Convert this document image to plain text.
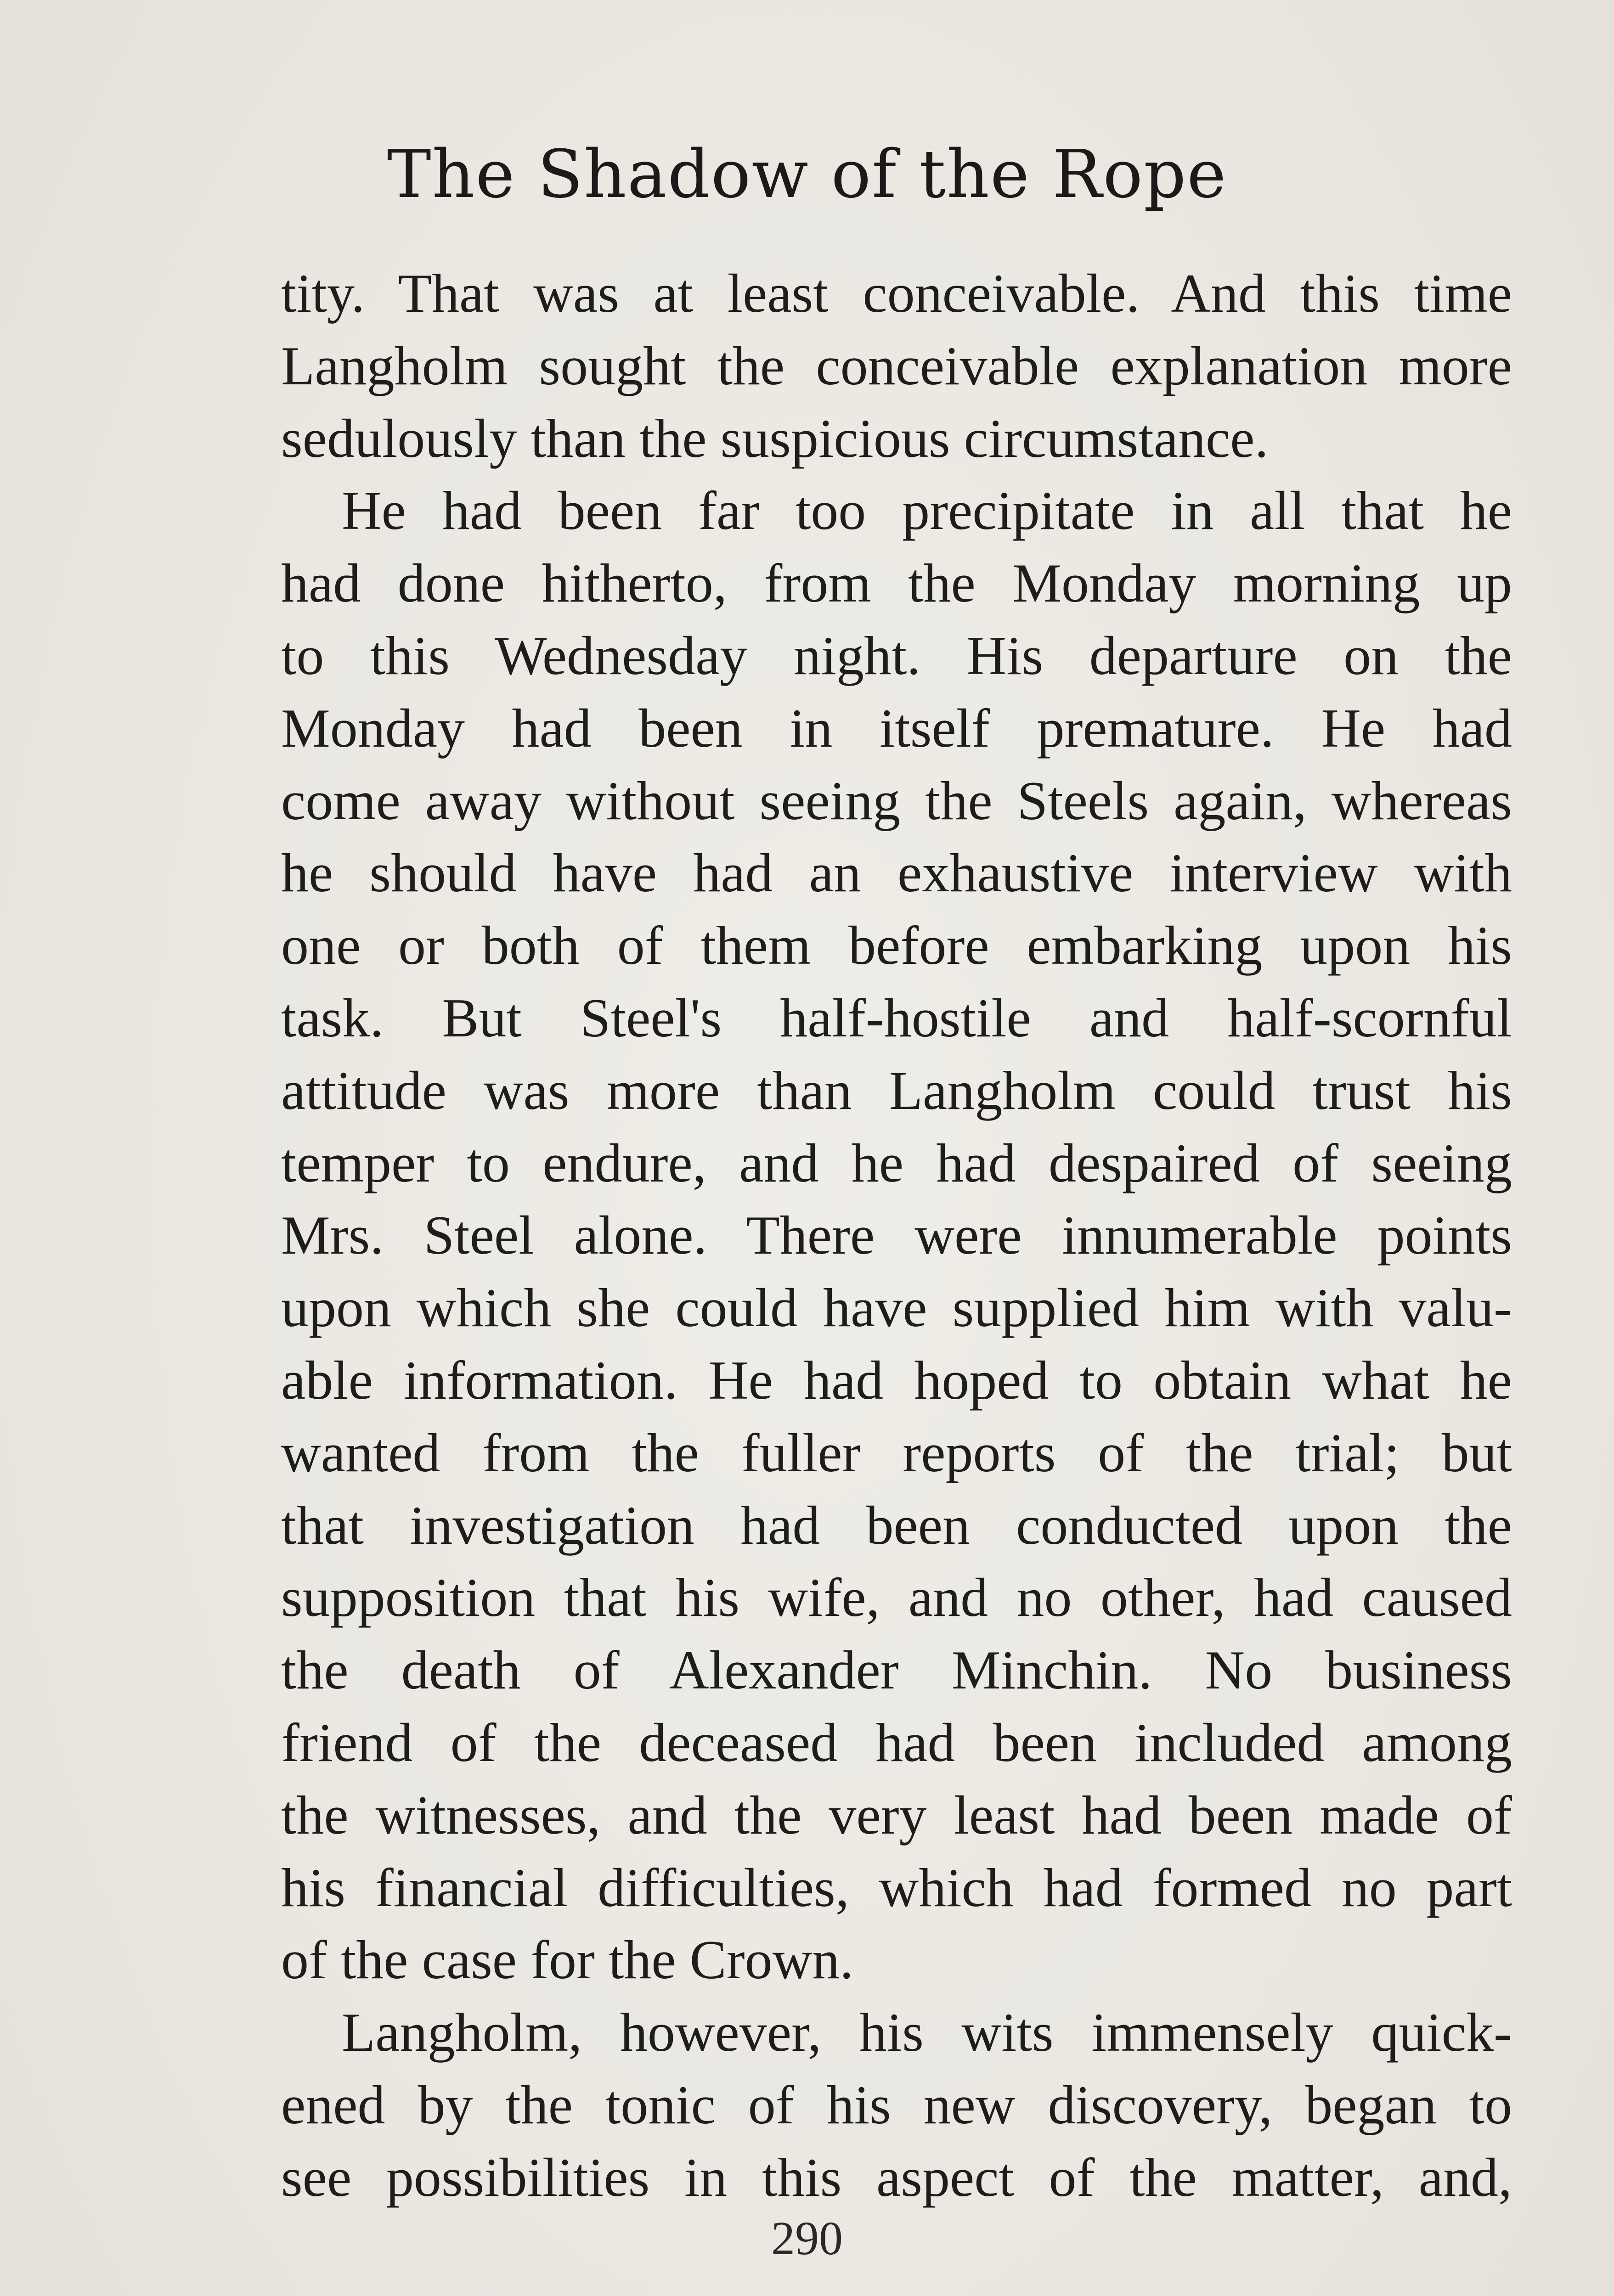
The Shadow of the Rope
tity. That was at least conceivable. And this time
Langholm sought the conceivable explanation more
sedulously than the suspicious circumstance.
He had been far too precipitate in all that he
had done hitherto, from the Monday morning up
to this Wednesday night. His departure on the
Monday had been in itself premature. He had
come away without seeing the Steels again, whereas
he should have had an exhaustive interview with
one or both of them before embarking upon his
task. But Steel's half-hostile and half-scornful
attitude was more than Langholm could trust his
temper to endure, and he had despaired of seeing
Mrs. Steel alone. There were innumerable points
upon which she could have supplied him with valu-
able information. He had hoped to obtain what he
wanted from the fuller reports of the trial; but
that investigation had been conducted upon the
supposition that his wife, and no other, had caused
the death of Alexander Minchin. No business
friend of the deceased had been included among
the witnesses, and the very least had been made of
his financial difficulties, which had formed no part
of the case for the Crown.
Langholm, however, his wits immensely quick-
ened by the tonic of his new discovery, began to
see possibilities in this aspect of the matter, and,
290
